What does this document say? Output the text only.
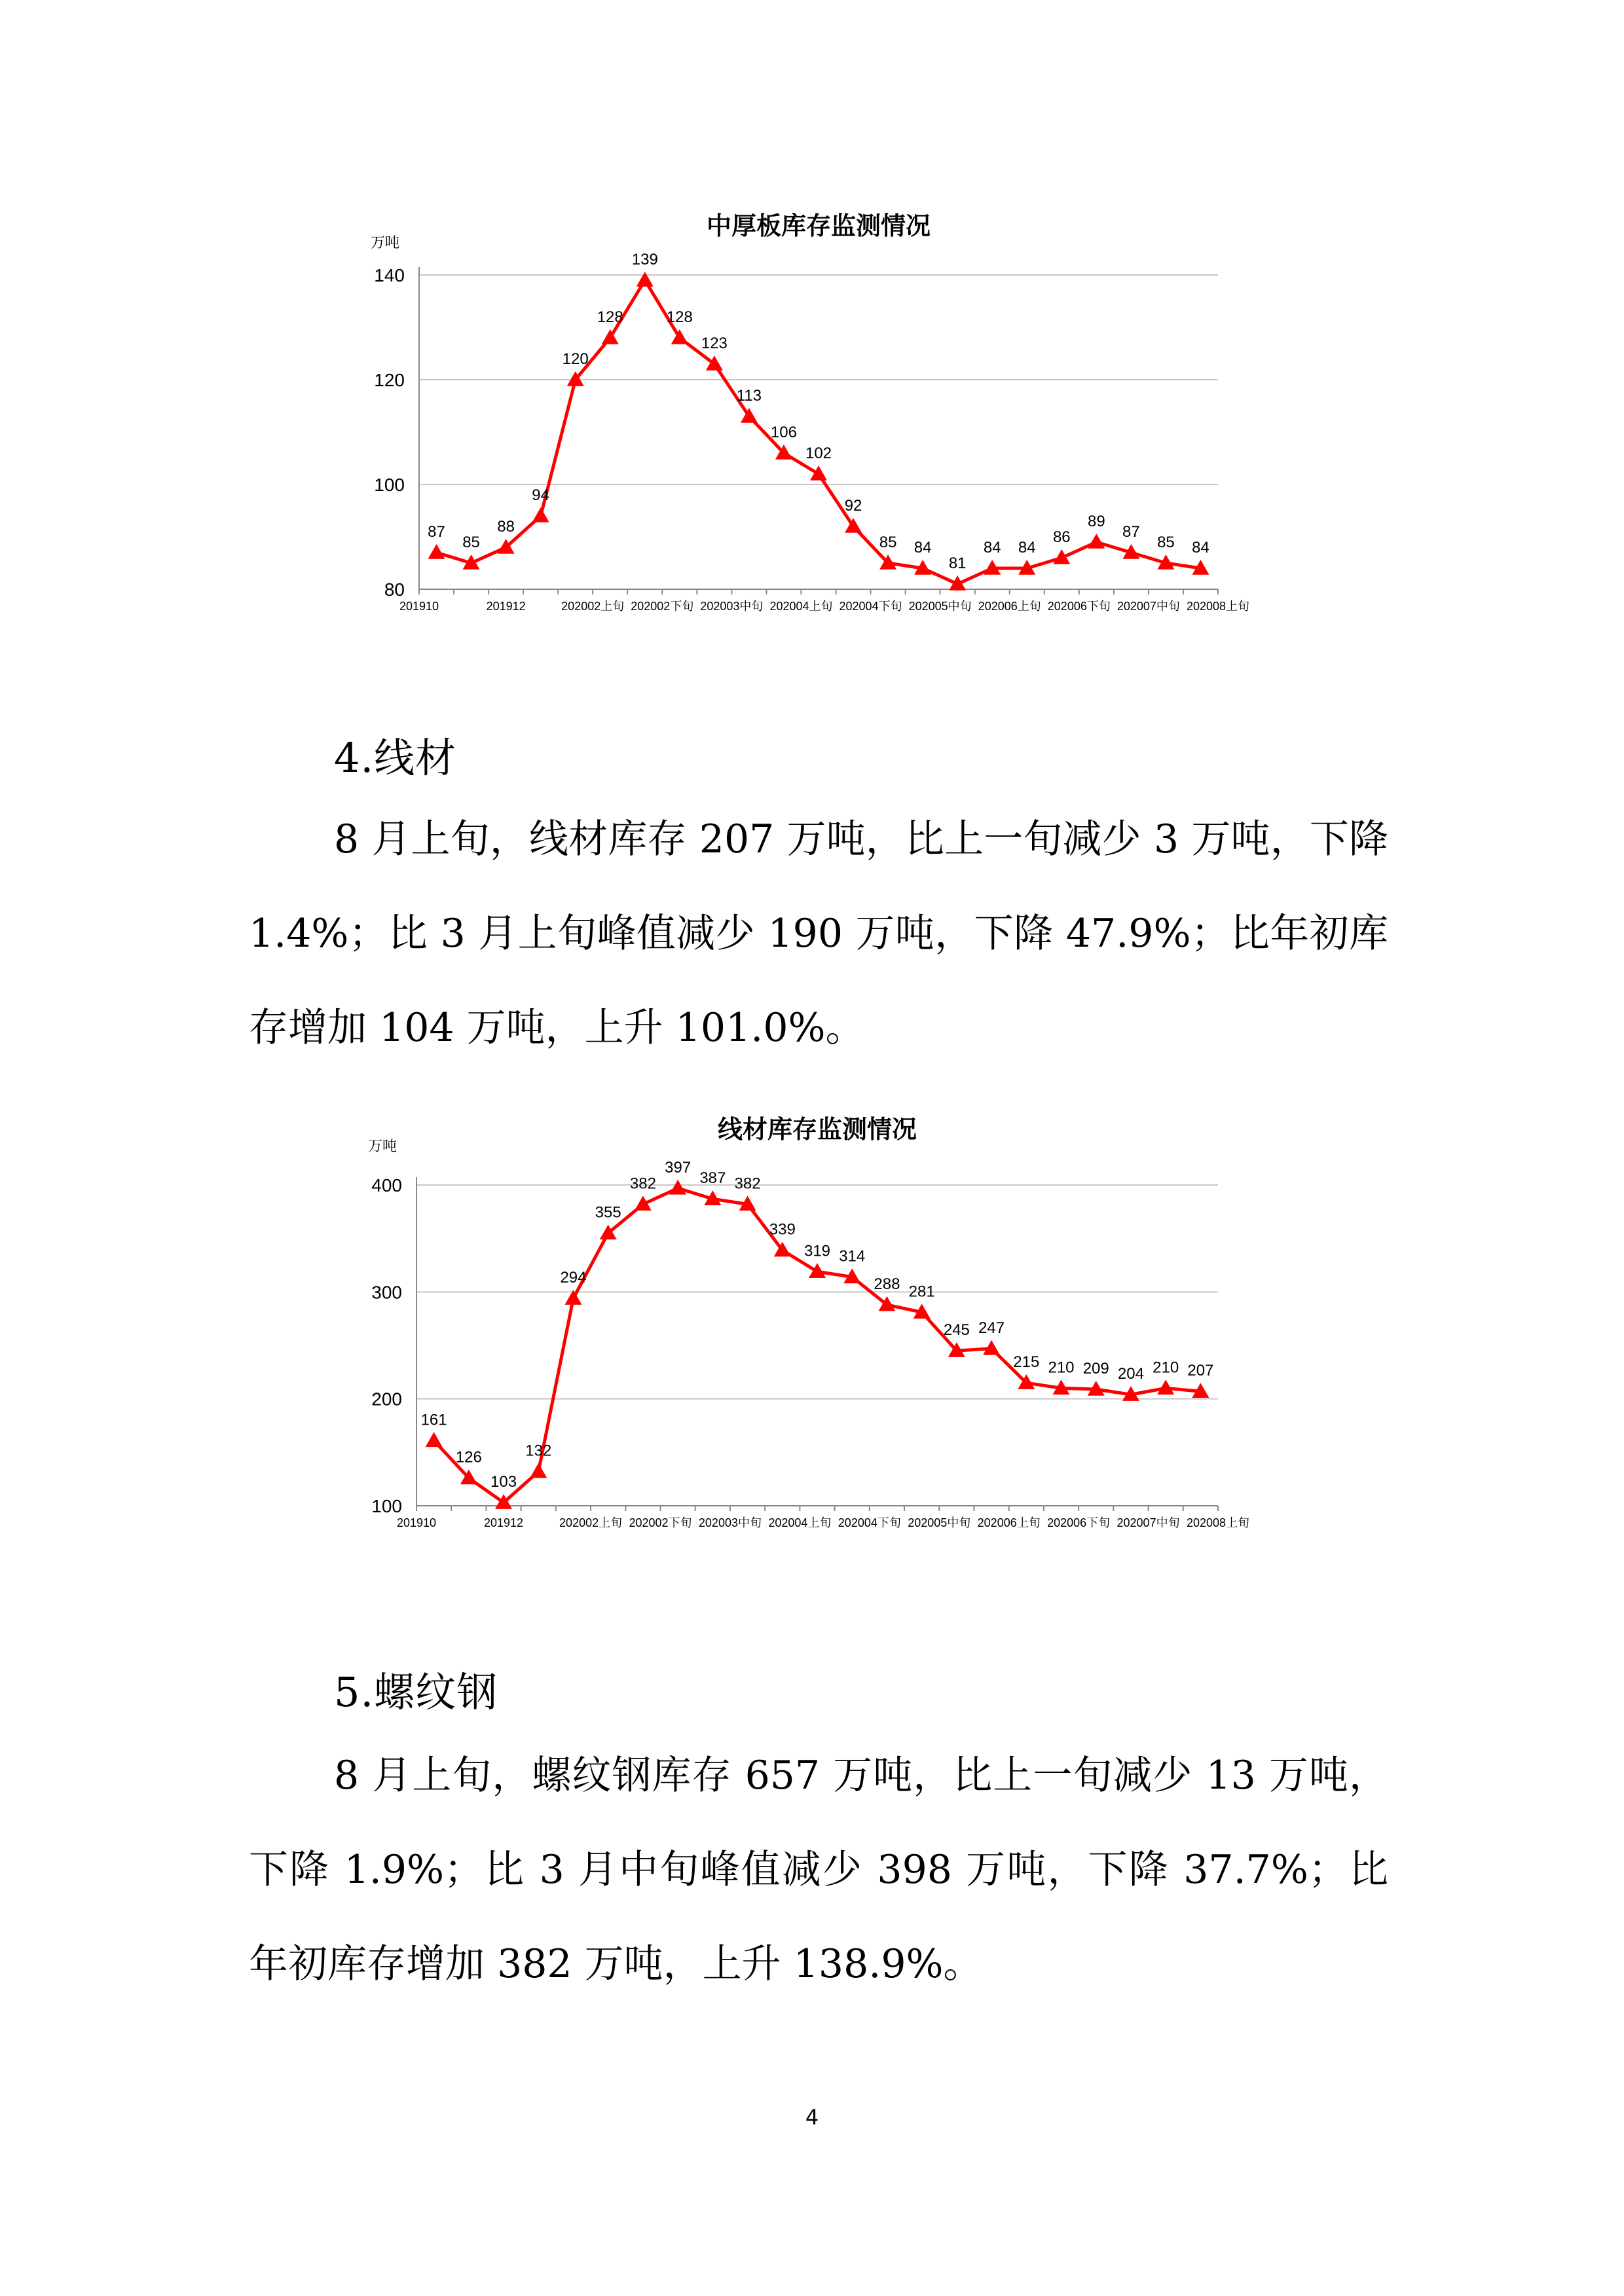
中厚板库存监测情况
万吨
80
100
120
140
201910	201912	202002上旬 202002下旬 202003中旬 202004上旬 202004下旬 202005中旬 202006上旬 202006下旬 202007中旬 202008上旬
87
85
88
94
120
128
139
128
123
113
106
102
92
85 84
81
84 84
86
89
87
85 84
4.线材

8 月上旬，线材库存 207 万吨，比上一旬减少 3 万吨，下降 1.4%；比 3 月上旬峰值减少 190 万吨，下降 47.9%；比年初库存增加 104 万吨，上升 101.0%。

线材库存监测情况
万吨
100
200
300
400
201910	201912	202002上旬 202002下旬 202003中旬 202004上旬 202004下旬 202005中旬 202006上旬 202006下旬 202007中旬 202008上旬
161
126
103
132
294
355
382
397
387 382
339
319 314
288 281
245 247
215 210 209 204 210 207
5.螺纹钢

8 月上旬，螺纹钢库存 657 万吨，比上一旬减少 13 万吨，下降 1.9%；比 3 月中旬峰值减少 398 万吨，下降 37.7%；比年初库存增加 382 万吨，上升 138.9%。

4
